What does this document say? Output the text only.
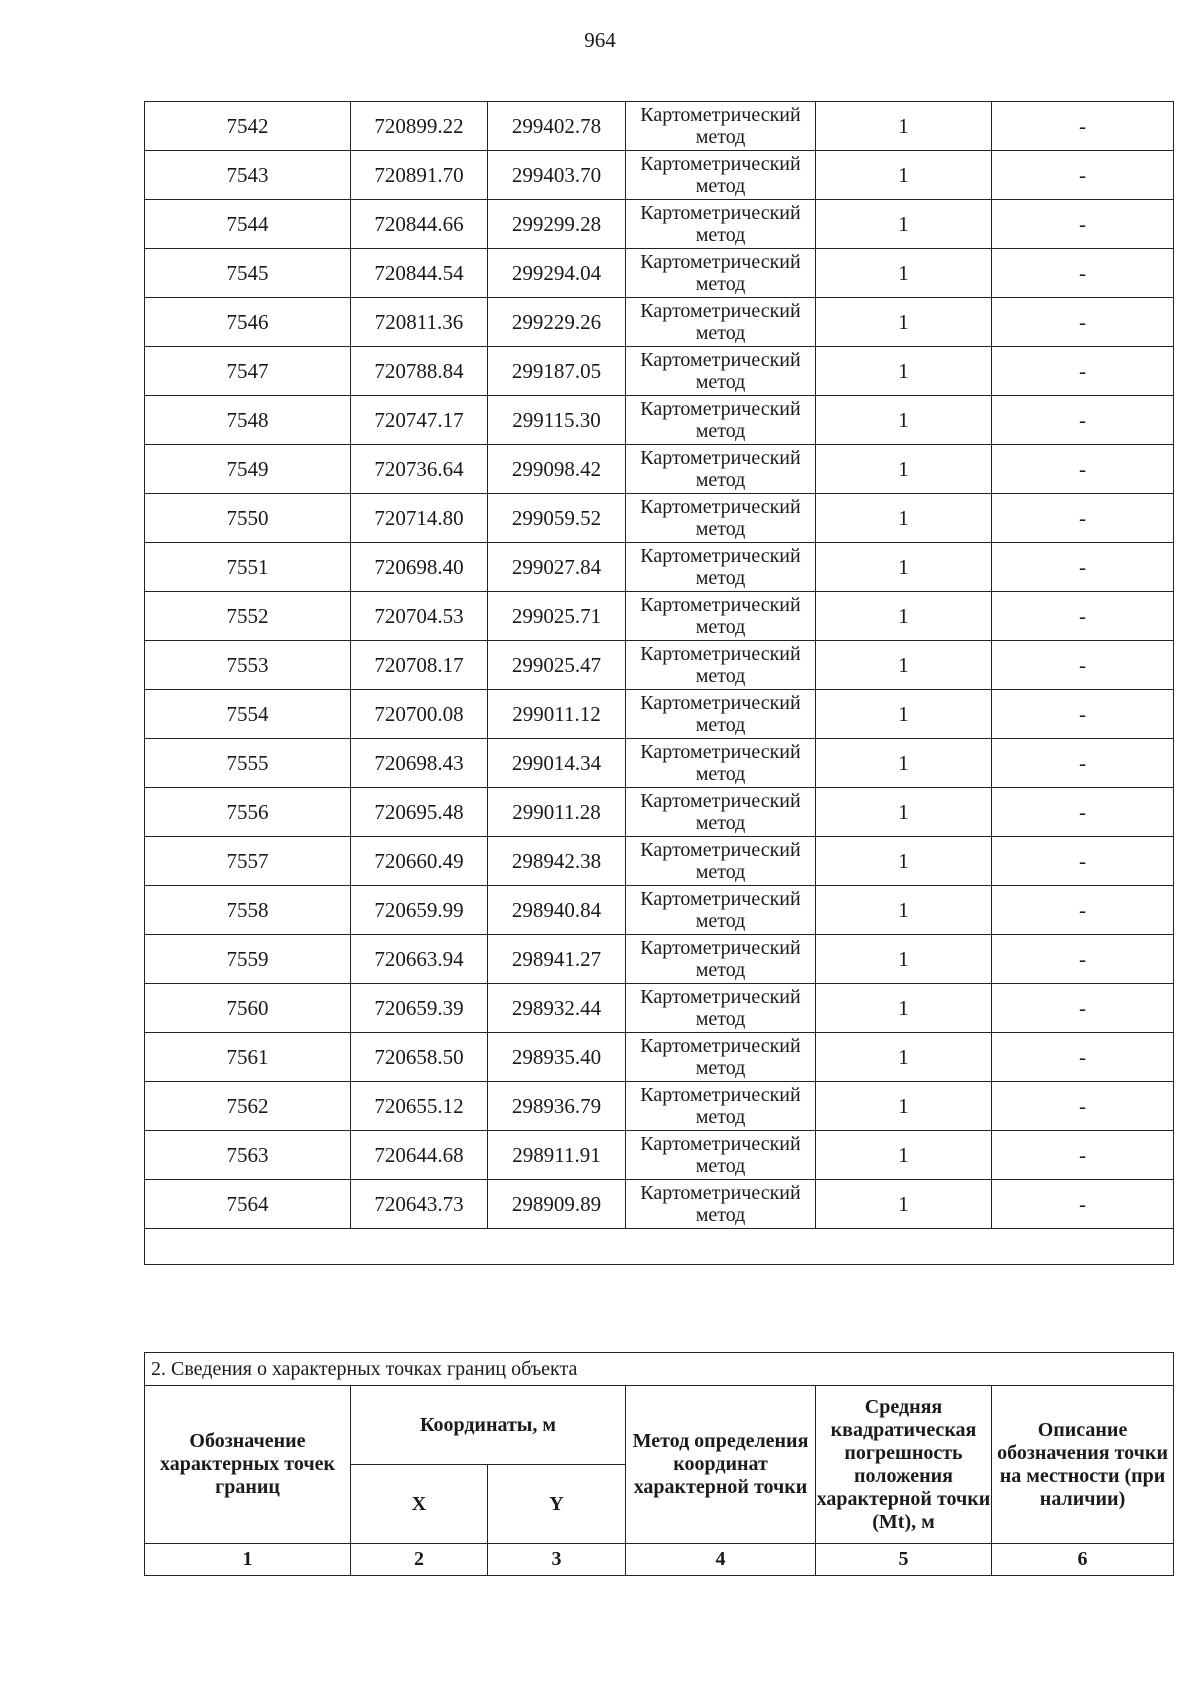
964
7542	720899.22	299402.78	Картометрический метод	1	-
7543	720891.70	299403.70	Картометрический метод	1	-
7544	720844.66	299299.28	Картометрический метод	1	-
7545	720844.54	299294.04	Картометрический метод	1	-
7546	720811.36	299229.26	Картометрический метод	1	-
7547	720788.84	299187.05	Картометрический метод	1	-
7548	720747.17	299115.30	Картометрический метод	1	-
7549	720736.64	299098.42	Картометрический метод	1	-
7550	720714.80	299059.52	Картометрический метод	1	-
7551	720698.40	299027.84	Картометрический метод	1	-
7552	720704.53	299025.71	Картометрический метод	1	-
7553	720708.17	299025.47	Картометрический метод	1	-
7554	720700.08	299011.12	Картометрический метод	1	-
7555	720698.43	299014.34	Картометрический метод	1	-
7556	720695.48	299011.28	Картометрический метод	1	-
7557	720660.49	298942.38	Картометрический метод	1	-
7558	720659.99	298940.84	Картометрический метод	1	-
7559	720663.94	298941.27	Картометрический метод	1	-
7560	720659.39	298932.44	Картометрический метод	1	-
7561	720658.50	298935.40	Картометрический метод	1	-
7562	720655.12	298936.79	Картометрический метод	1	-
7563	720644.68	298911.91	Картометрический метод	1	-
7564	720643.73	298909.89	Картометрический метод	1	-

2. Сведения о характерных точках границ объекта					
Обозначение характерных точек границ	Координаты, м		Метод определения координат характерной точки	Средняя квадратическая погрешность положения характерной точки (Mt), м	Описание обозначения точки на местности (при наличии)
	X	Y			
1	2	3	4	5	6
